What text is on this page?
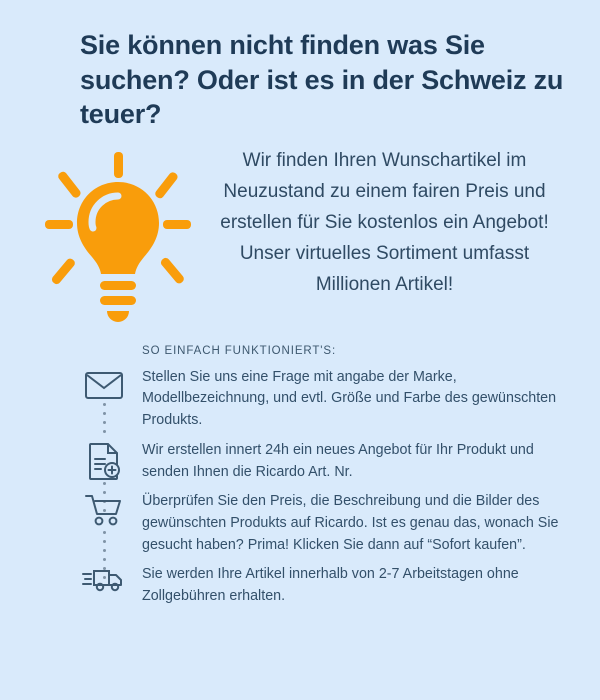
Sie können nicht finden was Sie suchen? Oder ist es in der Schweiz zu teuer?
Wir finden Ihren Wunschartikel im Neuzustand zu einem fairen Preis und erstellen für Sie kostenlos ein Angebot! Unser virtuelles Sortiment umfasst Millionen Artikel!
SO EINFACH FUNKTIONIERT'S:
Stellen Sie uns eine Frage mit angabe der Marke, Modellbezeichnung, und evtl. Größe und Farbe des gewünschten Produkts.
Wir erstellen innert 24h ein neues Angebot für Ihr Produkt und senden Ihnen die Ricardo Art. Nr.
Überprüfen Sie den Preis, die Beschreibung und die Bilder des gewünschten Produkts auf Ricardo. Ist es genau das, wonach Sie gesucht haben? Prima! Klicken Sie dann auf “Sofort kaufen”.
Sie werden Ihre Artikel innerhalb von 2-7 Arbeitstagen ohne Zollgebühren erhalten.
